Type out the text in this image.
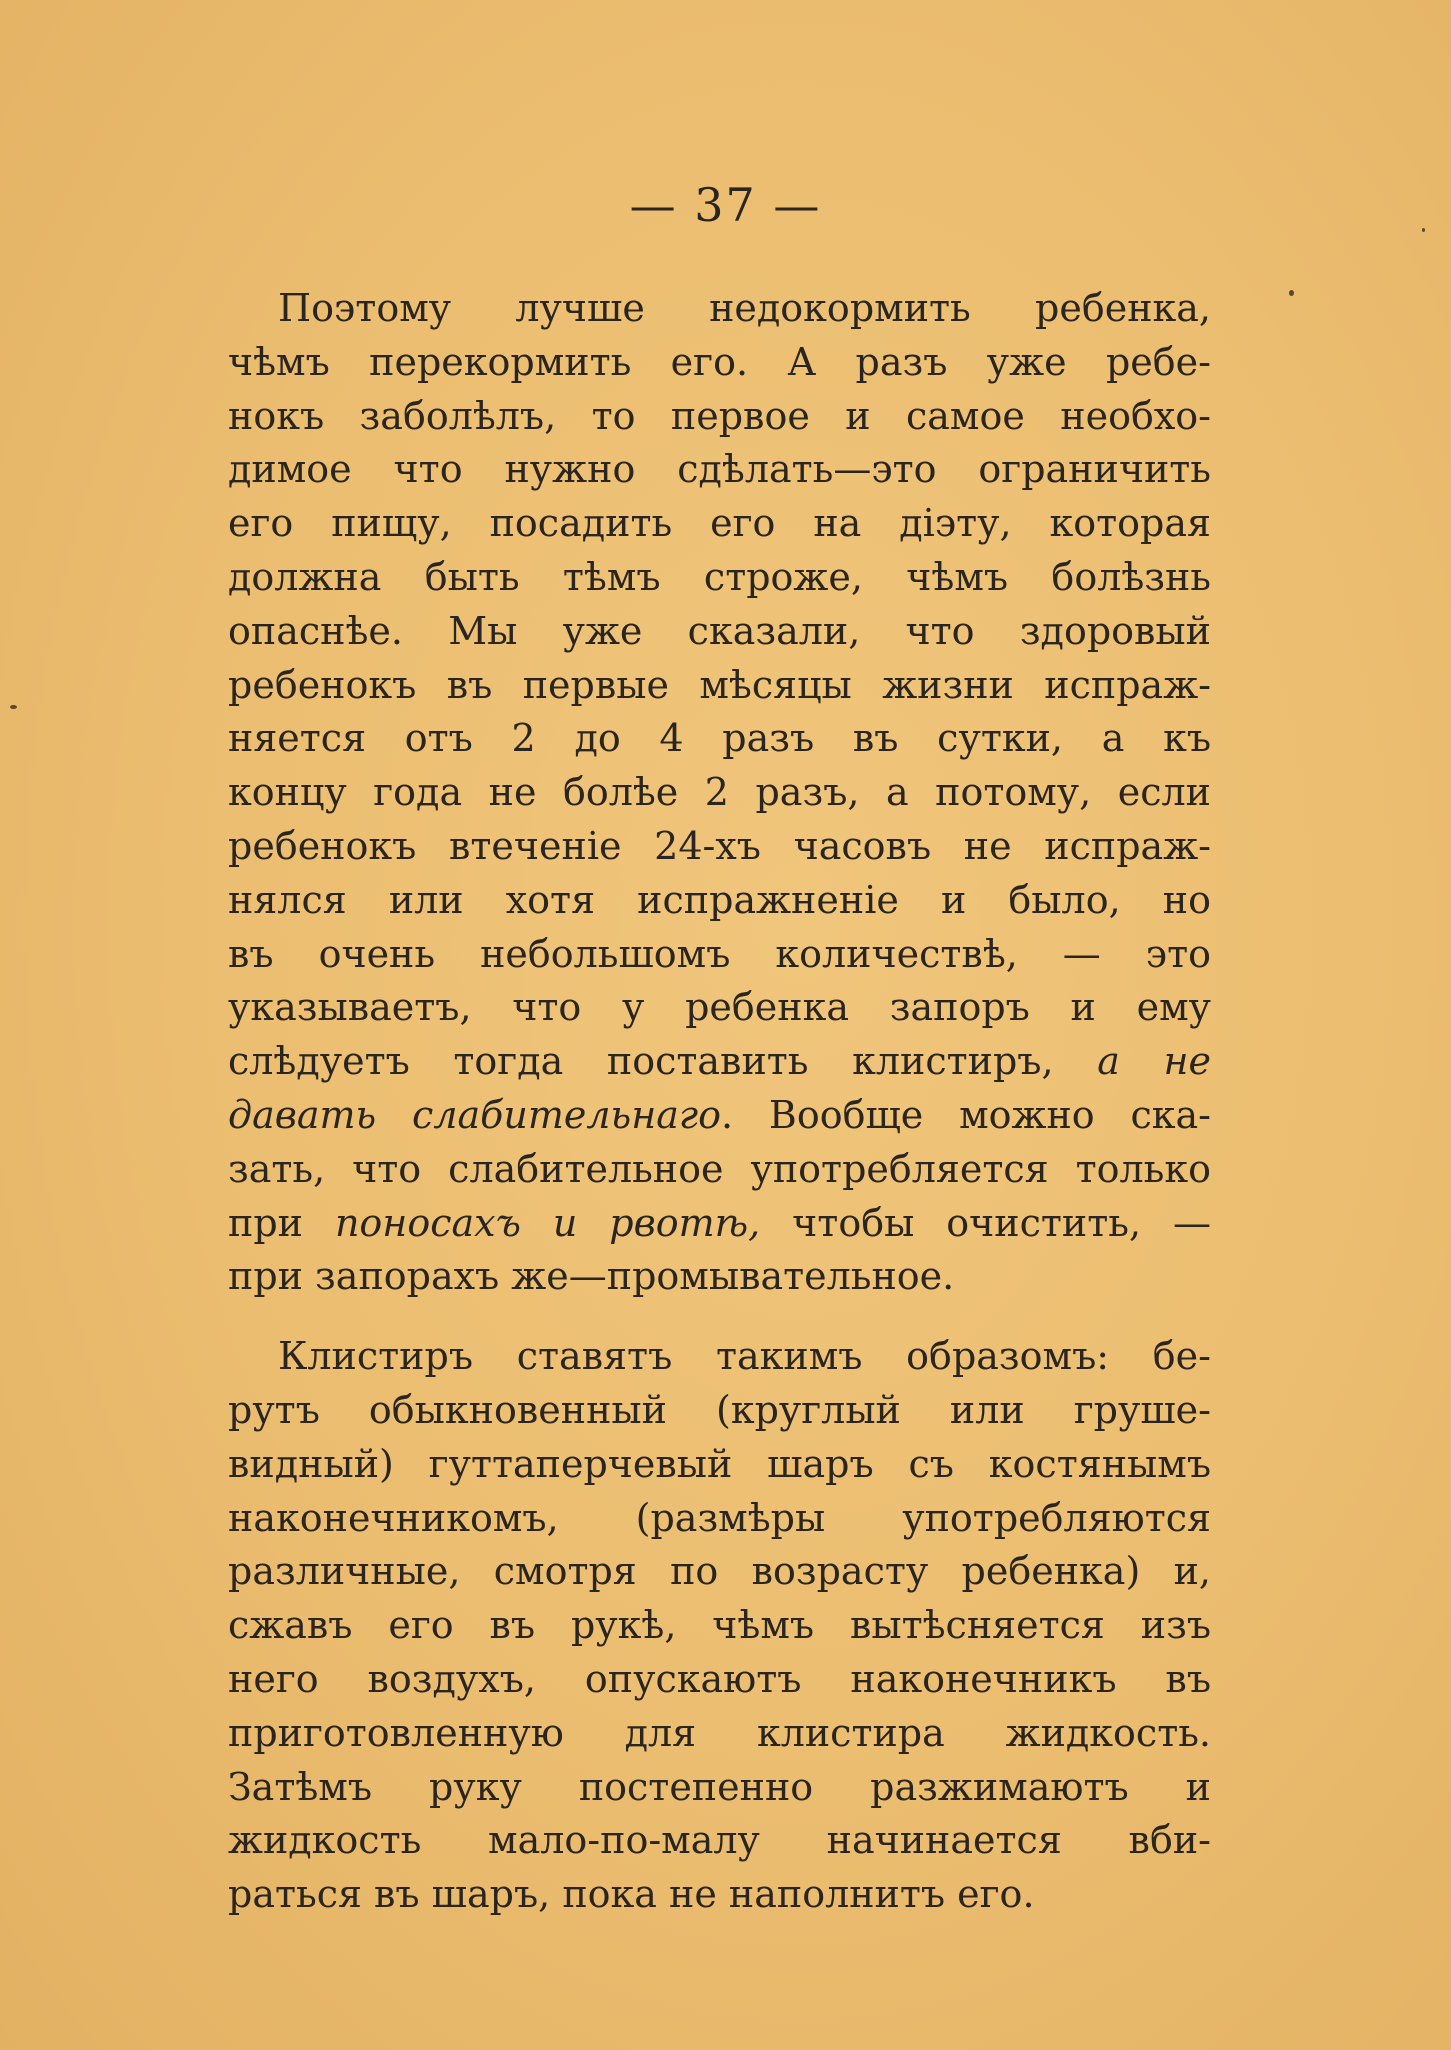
— 37 —
Поэтому лучше недокормить ребенка,
чѣмъ перекормить его. А разъ уже ребе-
нокъ заболѣлъ, то первое и самое необхо-
димое что нужно сдѣлать—это ограничить
его пищу, посадить его на діэту, которая
должна быть тѣмъ строже, чѣмъ болѣзнь
опаснѣе. Мы уже сказали, что здоровый
ребенокъ въ первые мѣсяцы жизни испраж-
няется отъ 2 до 4 разъ въ сутки, а къ
концу года не болѣе 2 разъ, а потому, если
ребенокъ втеченіе 24-хъ часовъ не испраж-
нялся или хотя испражненіе и было, но
въ очень небольшомъ количествѣ, — это
указываетъ, что у ребенка запоръ и ему
слѣдуетъ тогда поставить клистиръ, а не
давать слабительнаго. Вообще можно ска-
зать, что слабительное употребляется только
при поносахъ и рвотѣ, чтобы очистить, —
при запорахъ же—промывательное.
Клистиръ ставятъ такимъ образомъ: бе-
рутъ обыкновенный (круглый или груше-
видный) гуттаперчевый шаръ съ костянымъ
наконечникомъ, (размѣры употребляются
различные, смотря по возрасту ребенка) и,
сжавъ его въ рукѣ, чѣмъ вытѣсняется изъ
него воздухъ, опускаютъ наконечникъ въ
приготовленную для клистира жидкость.
Затѣмъ руку постепенно разжимаютъ и
жидкость мало-по-малу начинается вби-
раться въ шаръ, пока не наполнитъ его.
